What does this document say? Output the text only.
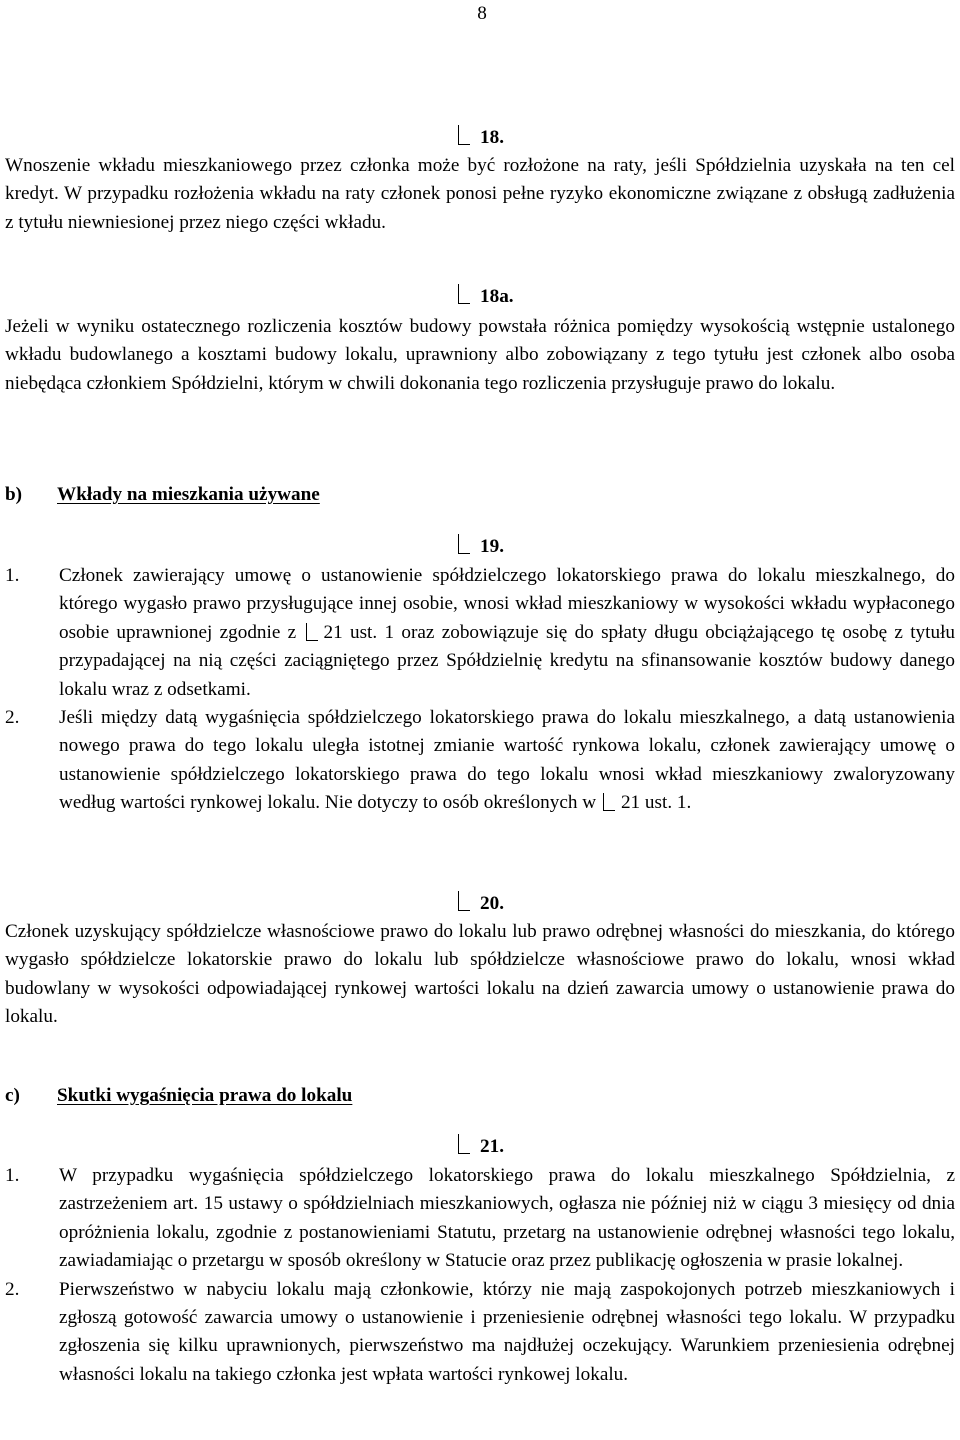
8
18.

Wnoszenie wkładu mieszkaniowego przez członka może być rozłożone na raty, jeśli Spółdzielnia uzyskała na ten cel kredyt. W przypadku rozłożenia wkładu na raty członek ponosi pełne ryzyko ekonomiczne związane z obsługą zadłużenia z tytułu niewniesionej przez niego części wkładu.

18a.

Jeżeli w wyniku ostatecznego rozliczenia kosztów budowy powstała różnica pomiędzy wysokością wstępnie ustalonego wkładu budowlanego a kosztami budowy lokalu, uprawniony albo zobowiązany z tego tytułu jest członek albo osoba niebędąca członkiem Spółdzielni, którym w chwili dokonania tego rozliczenia przysługuje prawo do lokalu.

b) Wkłady na mieszkania używane
19.
1. Członek zawierający umowę o ustanowienie spółdzielczego lokatorskiego prawa do lokalu mieszkalnego, do którego wygasło prawo przysługujące innej osobie, wnosi wkład mieszkaniowy w wysokości wkładu wypłaconego osobie uprawnionej zgodnie z 21 ust. 1 oraz zobowiązuje się do spłaty długu obciążającego tę osobę z tytułu przypadającej na nią części zaciągniętego przez Spółdzielnię kredytu na sfinansowanie kosztów budowy danego lokalu wraz z odsetkami.
2. Jeśli między datą wygaśnięcia spółdzielczego lokatorskiego prawa do lokalu mieszkalnego, a datą ustanowienia nowego prawa do tego lokalu uległa istotnej zmianie wartość rynkowa lokalu, członek zawierający umowę o ustanowienie spółdzielczego lokatorskiego prawa do tego lokalu wnosi wkład mieszkaniowy zwaloryzowany według wartości rynkowej lokalu. Nie dotyczy to osób określonych w 21 ust. 1.
20.

Członek uzyskujący spółdzielcze własnościowe prawo do lokalu lub prawo odrębnej własności do mieszkania, do którego wygasło spółdzielcze lokatorskie prawo do lokalu lub spółdzielcze własnościowe prawo do lokalu, wnosi wkład budowlany w wysokości odpowiadającej rynkowej wartości lokalu na dzień zawarcia umowy o ustanowienie prawa do lokalu.

c) Skutki wygaśnięcia prawa do lokalu
21.
1. W przypadku wygaśnięcia spółdzielczego lokatorskiego prawa do lokalu mieszkalnego Spółdzielnia, z zastrzeżeniem art. 15 ustawy o spółdzielniach mieszkaniowych, ogłasza nie później niż w ciągu 3 miesięcy od dnia opróżnienia lokalu, zgodnie z postanowieniami Statutu, przetarg na ustanowienie odrębnej własności tego lokalu, zawiadamiając o przetargu w sposób określony w Statucie oraz przez publikację ogłoszenia w prasie lokalnej.
2. Pierwszeństwo w nabyciu lokalu mają członkowie, którzy nie mają zaspokojonych potrzeb mieszkaniowych i zgłoszą gotowość zawarcia umowy o ustanowienie i przeniesienie odrębnej własności tego lokalu. W przypadku zgłoszenia się kilku uprawnionych, pierwszeństwo ma najdłużej oczekujący. Warunkiem przeniesienia odrębnej własności lokalu na takiego członka jest wpłata wartości rynkowej lokalu.
